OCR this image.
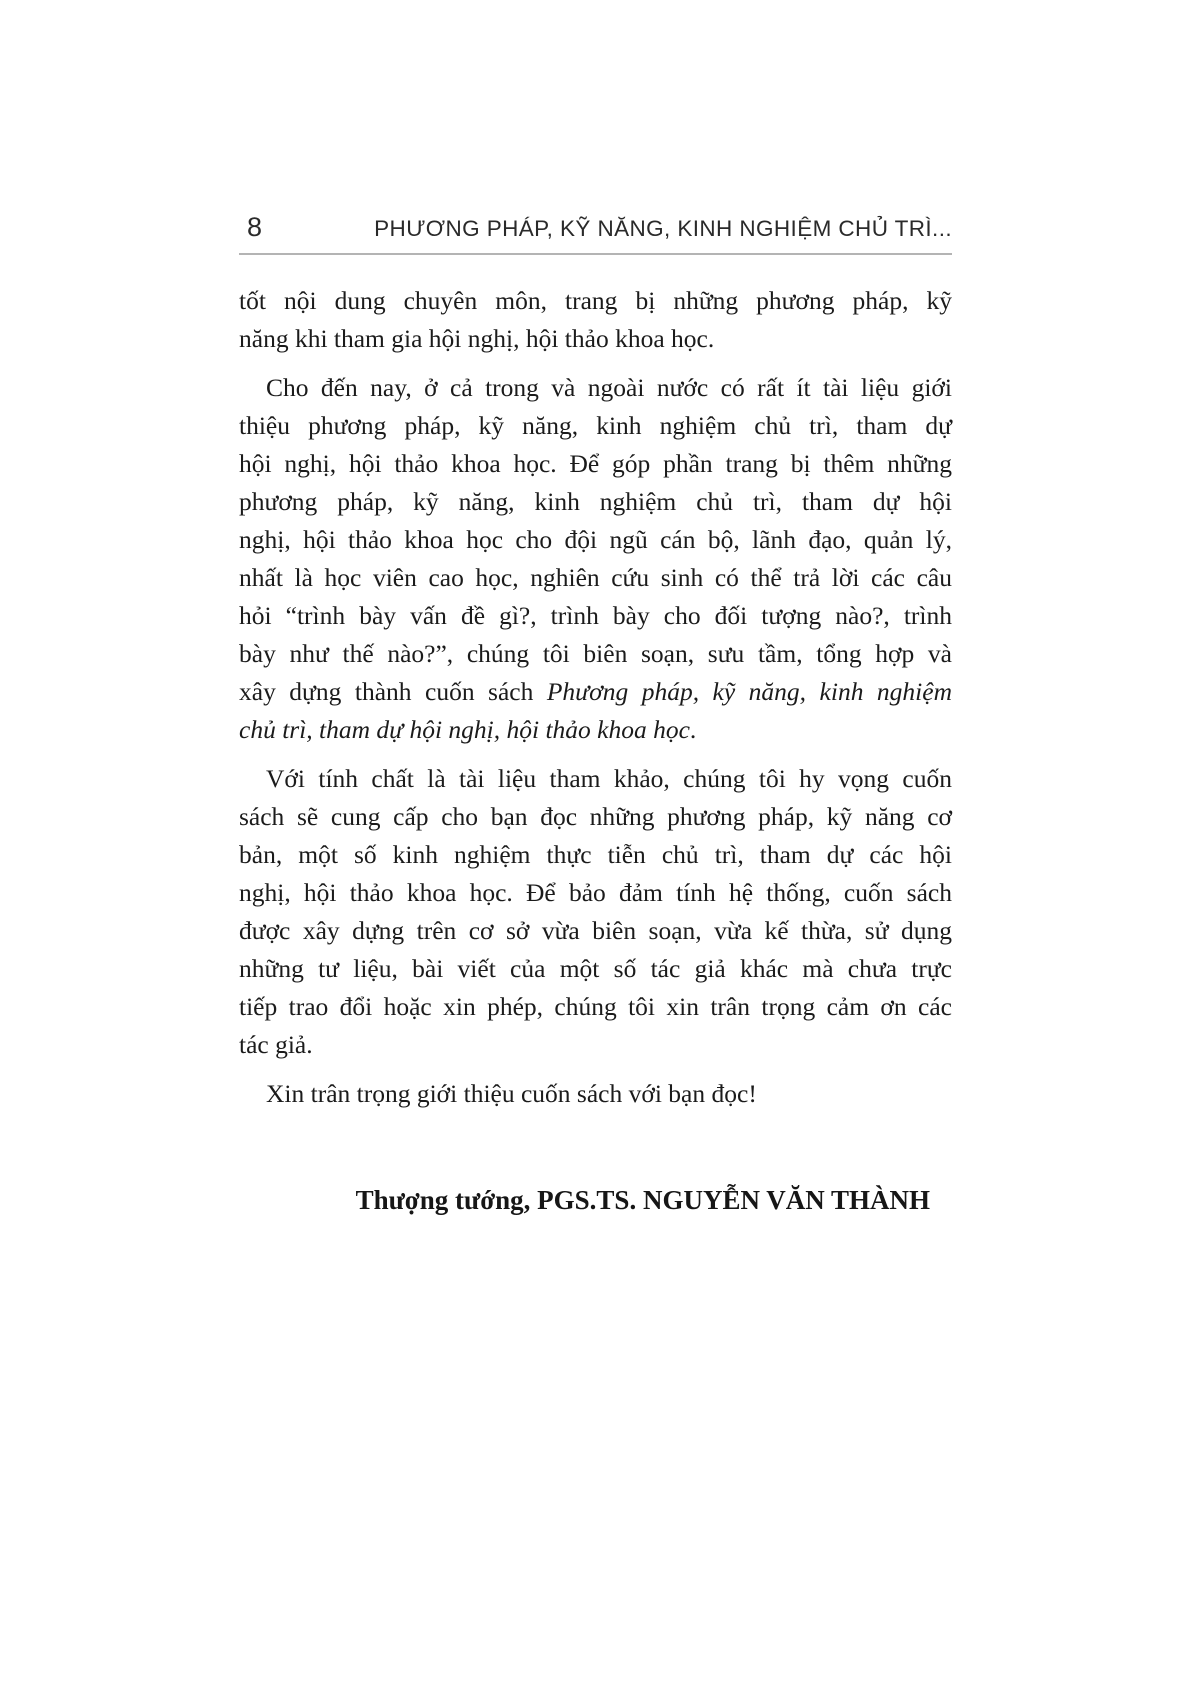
8	PHƯƠNG PHÁP, KỸ NĂNG, KINH NGHIỆM CHỦ TRÌ...
tốt nội dung chuyên môn, trang bị những phương pháp, kỹ
năng khi tham gia hội nghị, hội thảo khoa học.
Cho đến nay, ở cả trong và ngoài nước có rất ít tài liệu giới
thiệu phương pháp, kỹ năng, kinh nghiệm chủ trì, tham dự
hội nghị, hội thảo khoa học. Để góp phần trang bị thêm những
phương pháp, kỹ năng, kinh nghiệm chủ trì, tham dự hội
nghị, hội thảo khoa học cho đội ngũ cán bộ, lãnh đạo, quản lý,
nhất là học viên cao học, nghiên cứu sinh có thể trả lời các câu
hỏi “trình bày vấn đề gì?, trình bày cho đối tượng nào?, trình
bày như thế nào?”, chúng tôi biên soạn, sưu tầm, tổng hợp và
xây dựng thành cuốn sách Phương pháp, kỹ năng, kinh nghiệm
chủ trì, tham dự hội nghị, hội thảo khoa học.
Với tính chất là tài liệu tham khảo, chúng tôi hy vọng cuốn
sách sẽ cung cấp cho bạn đọc những phương pháp, kỹ năng cơ
bản, một số kinh nghiệm thực tiễn chủ trì, tham dự các hội
nghị, hội thảo khoa học. Để bảo đảm tính hệ thống, cuốn sách
được xây dựng trên cơ sở vừa biên soạn, vừa kế thừa, sử dụng
những tư liệu, bài viết của một số tác giả khác mà chưa trực
tiếp trao đổi hoặc xin phép, chúng tôi xin trân trọng cảm ơn các
tác giả.
Xin trân trọng giới thiệu cuốn sách với bạn đọc!
Thượng tướng, PGS.TS. NGUYỄN VĂN THÀNH
